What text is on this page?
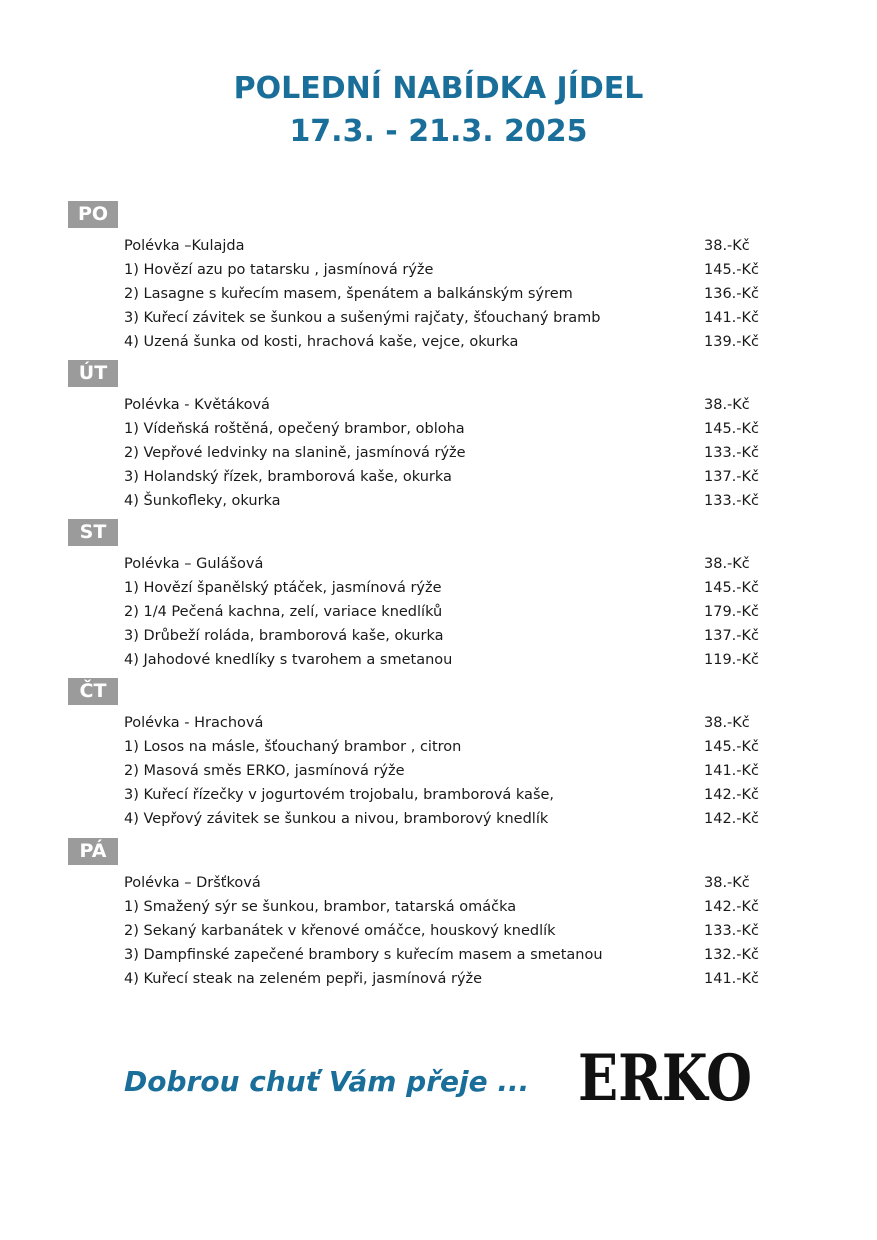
POLEDNÍ NABÍDKA JÍDEL
17.3. - 21.3. 2025
PO
Polévka –Kulajda	38.-Kč
1) Hovězí azu po tatarsku , jasmínová rýže	145.-Kč
2) Lasagne s kuřecím masem, špenátem a balkánským sýrem	136.-Kč
3) Kuřecí závitek se šunkou a sušenými rajčaty, šťouchaný bramb	141.-Kč
4) Uzená šunka od kosti, hrachová kaše, vejce, okurka	139.-Kč
ÚT
Polévka - Květáková	38.-Kč
1) Vídeňská roštěná, opečený brambor, obloha	145.-Kč
2) Vepřové ledvinky na slanině, jasmínová rýže	133.-Kč
3) Holandský řízek, bramborová kaše, okurka	137.-Kč
4) Šunkofleky, okurka	133.-Kč
ST
Polévka – Gulášová	38.-Kč
1) Hovězí španělský ptáček, jasmínová rýže	145.-Kč
2) 1/4 Pečená kachna, zelí, variace knedlíků	179.-Kč
3) Drůbeží roláda, bramborová kaše, okurka	137.-Kč
4) Jahodové knedlíky s tvarohem a smetanou	119.-Kč
ČT
Polévka - Hrachová	38.-Kč
1) Losos na másle, šťouchaný brambor , citron	145.-Kč
2) Masová směs ERKO, jasmínová rýže	141.-Kč
3) Kuřecí řízečky v jogurtovém trojobalu, bramborová kaše,	142.-Kč
4) Vepřový závitek se šunkou a nivou, bramborový knedlík	142.-Kč
PÁ
Polévka – Dršťková	38.-Kč
1) Smažený sýr se šunkou, brambor, tatarská omáčka	142.-Kč
2) Sekaný karbanátek v křenové omáčce, houskový knedlík	133.-Kč
3) Dampfinské zapečené brambory s kuřecím masem a smetanou	132.-Kč
4) Kuřecí steak na zeleném pepři, jasmínová rýže	141.-Kč
Dobrou chuť Vám přeje ... ERKO
